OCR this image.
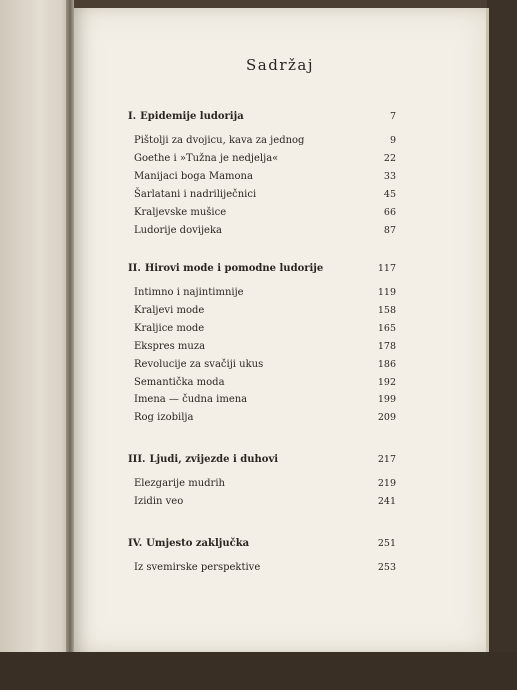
Sadržaj
I. Epidemije ludorija	7
Pištolji za dvojicu, kava za jednog	9
Goethe i »Tužna je nedjelja«	22
Manijaci boga Mamona	33
Šarlatani i nadriliječnici	45
Kraljevske mušice	66
Ludorije dovijeka	87
II. Hirovi mode i pomodne ludorije	117
Intimno i najintimnije	119
Kraljevi mode	158
Kraljice mode	165
Ekspres muza	178
Revolucije za svačiji ukus	186
Semantička moda	192
Imena — čudna imena	199
Rog izobilja	209
III. Ljudi, zvijezde i duhovi	217
Elezgarije mudrih	219
Izidin veo	241
IV. Umjesto zaključka	251
Iz svemirske perspektive	253
